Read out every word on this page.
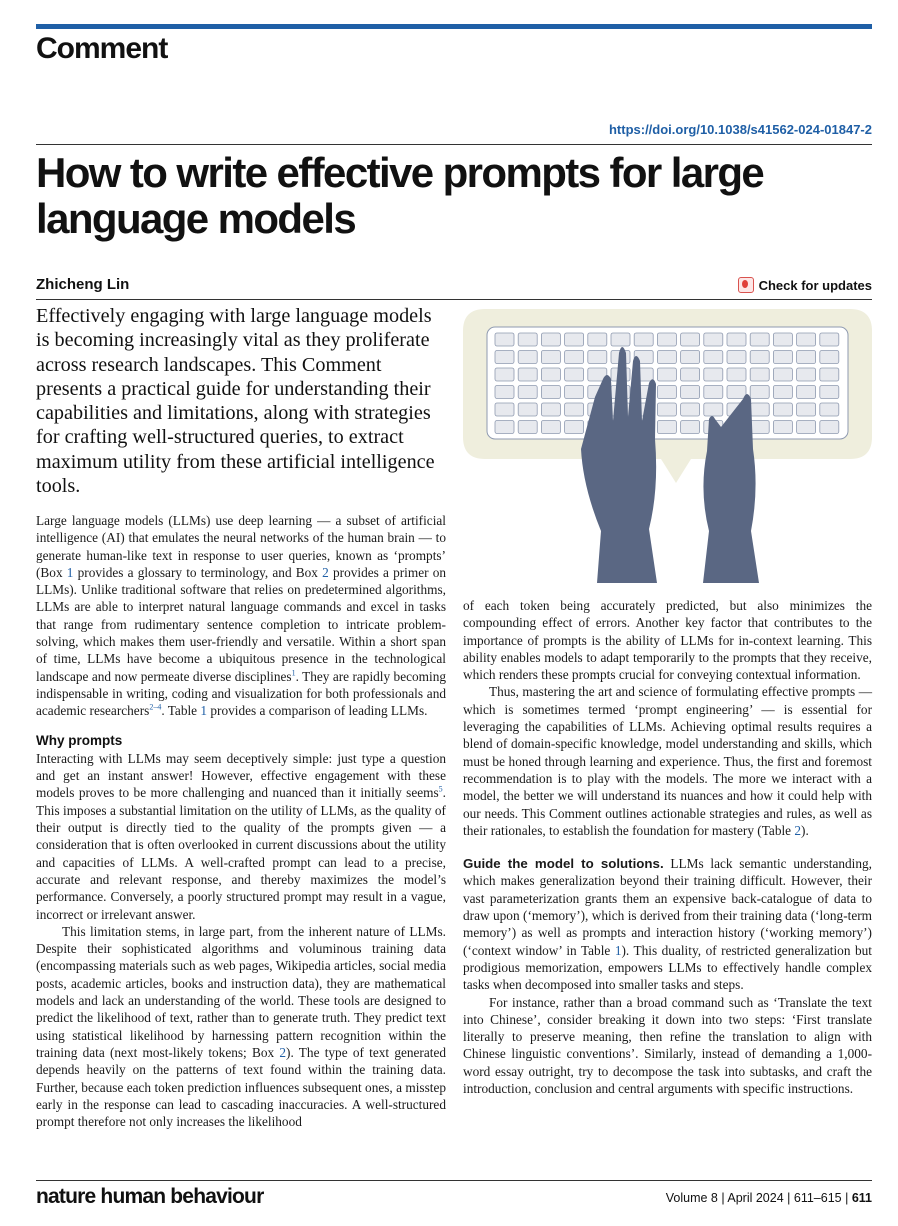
Comment
https://doi.org/10.1038/s41562-024-01847-2
How to write effective prompts for large language models
Zhicheng Lin	Check for updates

Effectively engaging with large language models is becoming increasingly vital as they proliferate across research landscapes. This Comment presents a practical guide for understanding their capabilities and limitations, along with strategies for crafting well-structured queries, to extract maximum utility from these artificial intelligence tools.

Large language models (LLMs) use deep learning — a subset of artificial intelligence (AI) that emulates the neural networks of the human brain — to generate human-like text in response to user queries, known as ‘prompts’ (Box 1 provides a glossary to terminology, and Box 2 provides a primer on LLMs). Unlike traditional software that relies on predetermined algorithms, LLMs are able to interpret natural language commands and excel in tasks that range from rudimentary sentence completion to intricate problem-solving, which makes them user-friendly and versatile. Within a short span of time, LLMs have become a ubiquitous presence in the technological landscape and now permeate diverse disciplines$^1$. They are rapidly becoming indispensable in writing, coding and visualization for both professionals and academic researchers$^{2-4}$. Table 1 provides a comparison of leading LLMs.

Why prompts

Interacting with LLMs may seem deceptively simple: just type a question and get an instant answer! However, effective engagement with these models proves to be more challenging and nuanced than it initially seems$^5$. This imposes a substantial limitation on the utility of LLMs, as the quality of their output is directly tied to the quality of the prompts given — a consideration that is often overlooked in current discussions about the utility and capacities of LLMs. A well-crafted prompt can lead to a precise, accurate and relevant response, and thereby maximizes the model’s performance. Conversely, a poorly structured prompt may result in a vague, incorrect or irrelevant answer.

This limitation stems, in large part, from the inherent nature of LLMs. Despite their sophisticated algorithms and voluminous training data (encompassing materials such as web pages, Wikipedia articles, social media posts, academic articles, books and instruction data), they are mathematical models and lack an understanding of the world. These tools are designed to predict the likelihood of text, rather than to generate truth. They predict text using statistical likelihood by harnessing pattern recognition within the training data (next most-likely tokens; Box 2). The type of text generated depends heavily on the patterns of text found within the training data. Further, because each token prediction influences subsequent ones, a misstep early in the response can lead to cascading inaccuracies. A well-structured prompt therefore not only increases the likelihood

of each token being accurately predicted, but also minimizes the compounding effect of errors. Another key factor that contributes to the importance of prompts is the ability of LLMs for in-context learning. This ability enables models to adapt temporarily to the prompts that they receive, which renders these prompts crucial for conveying contextual information.

Thus, mastering the art and science of formulating effective prompts — which is sometimes termed ‘prompt engineering’ — is essential for leveraging the capabilities of LLMs. Achieving optimal results requires a blend of domain-specific knowledge, model understanding and skills, which must be honed through learning and experience. Thus, the first and foremost recommendation is to play with the models. The more we interact with a model, the better we will understand its nuances and how it could help with our needs. This Comment outlines actionable strategies and rules, as well as their rationales, to establish the foundation for mastery (Table 2).

Guide the model to solutions. LLMs lack semantic understanding, which makes generalization beyond their training difficult. However, their vast parameterization grants them an expensive back-catalogue of data to draw upon (‘memory’), which is derived from their training data (‘long-term memory’) as well as prompts and interaction history (‘working memory’) (‘context window’ in Table 1). This duality, of restricted generalization but prodigious memorization, empowers LLMs to effectively handle complex tasks when decomposed into smaller tasks and steps.

For instance, rather than a broad command such as ‘Translate the text into Chinese’, consider breaking it down into two steps: ‘First translate literally to preserve meaning, then refine the translation to align with Chinese linguistic conventions’. Similarly, instead of demanding a 1,000-word essay outright, try to decompose the task into subtasks, and craft the introduction, conclusion and central arguments with specific instructions.

nature human behaviour	Volume 8 | April 2024 | 611–615 | 611
